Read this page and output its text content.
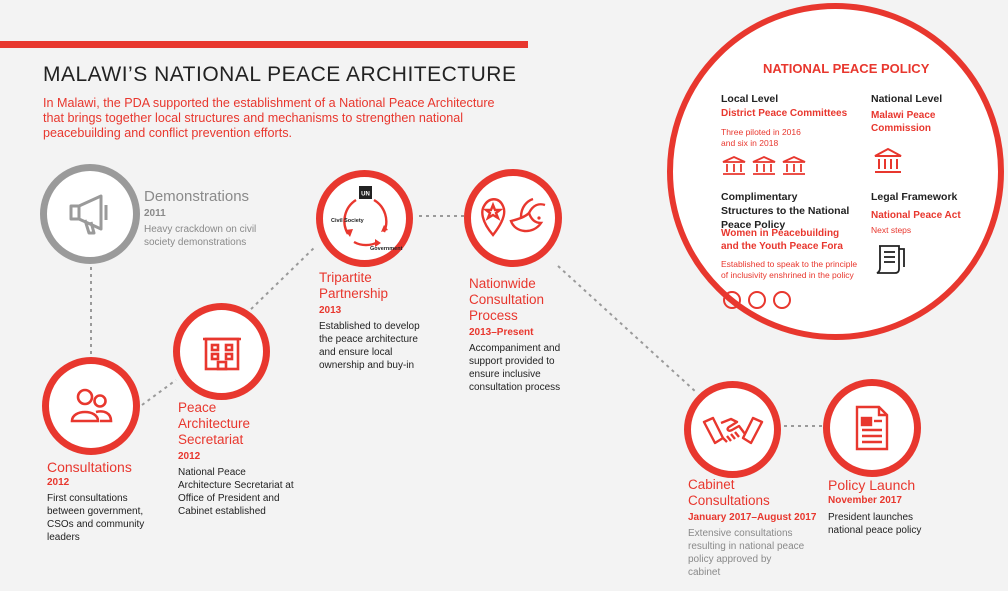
MALAWI’S NATIONAL PEACE ARCHITECTURE
In Malawi, the PDA supported the establishment of a National Peace Architecture that brings together local structures and mechanisms to strengthen national peacebuilding and conflict prevention efforts.
Demonstrations
2011
Heavy crackdown on civil society demonstrations
Consultations
2012
First consultations between government, CSOs and community leaders
Peace Architecture Secretariat
2012
National Peace Architecture Secretariat at Office of President and Cabinet established
UN
Civil Society
Government
Tripartite Partnership
2013
Established to develop the peace architecture and ensure local ownership and buy-in
Nationwide Consultation Process
2013–Present
Accompaniment and support provided to ensure inclusive consultation process
Cabinet Consultations
January 2017–August 2017
Extensive consultations resulting in national peace policy approved by cabinet
Policy Launch
November 2017
President launches national peace policy
NATIONAL PEACE POLICY
Local Level
District Peace Committees
Three piloted in 2016 and six in 2018
National Level
Malawi Peace Commission
Complimentary Structures to the National Peace Policy
Women in Peacebuilding and the Youth Peace Fora
Established to speak to the principle of inclusivity enshrined in the policy
Legal Framework
National Peace Act
Next steps
